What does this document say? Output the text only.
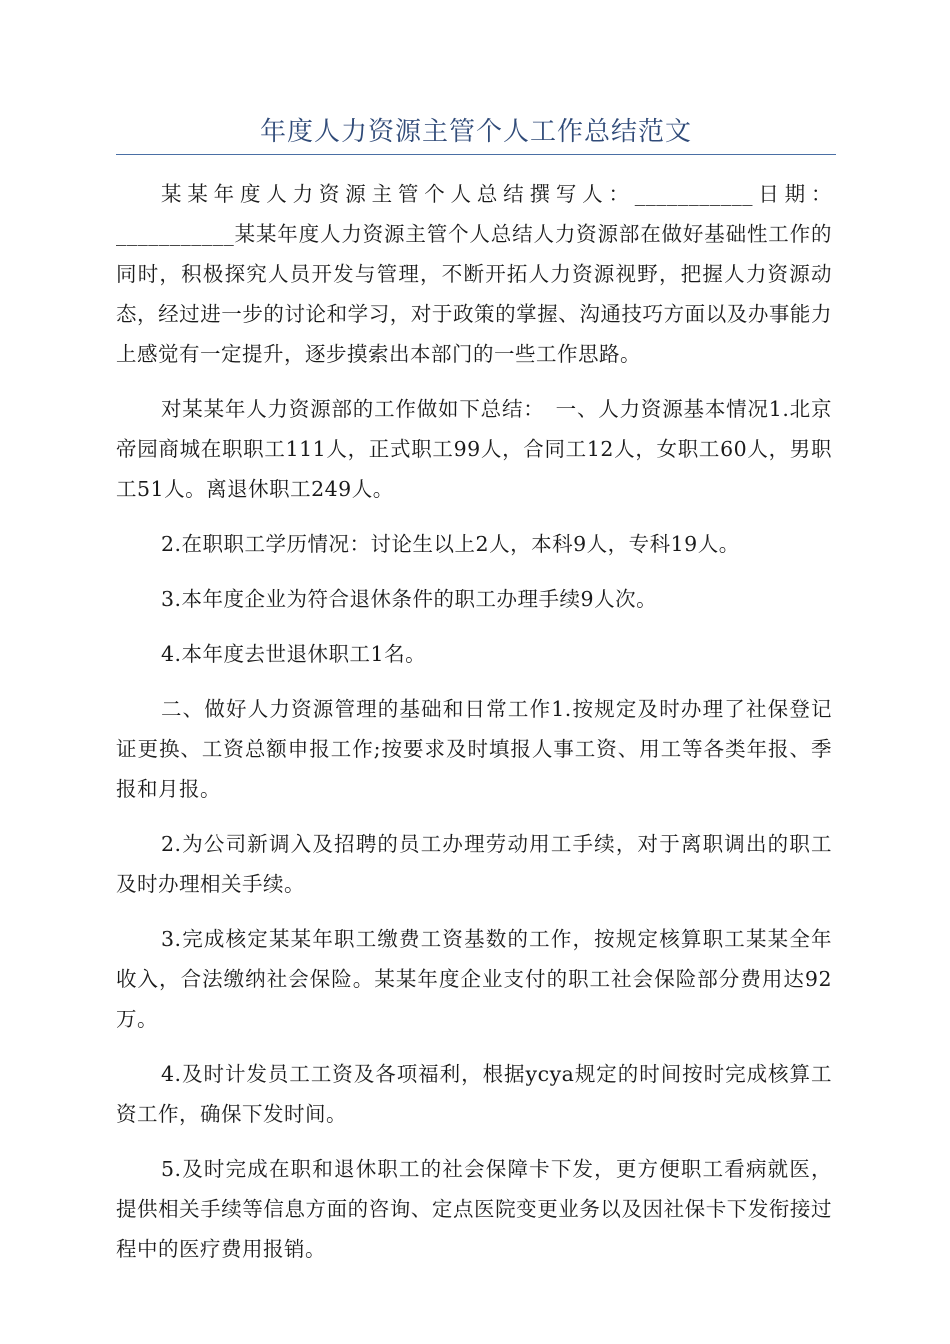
年度人力资源主管个人工作总结范文

某某年度人力资源主管个人总结撰写人：___________日期：___________某某年度人力资源主管个人总结人力资源部在做好基础性工作的同时，积极探究人员开发与管理，不断开拓人力资源视野，把握人力资源动态，经过进一步的讨论和学习，对于政策的掌握、沟通技巧方面以及办事能力上感觉有一定提升，逐步摸索出本部门的一些工作思路。

对某某年人力资源部的工作做如下总结：　一、人力资源基本情况1.北京帝园商城在职职工111人，正式职工99人，合同工12人，女职工60人，男职工51人。离退休职工249人。

2.在职职工学历情况：讨论生以上2人，本科9人，专科19人。

3.本年度企业为符合退休条件的职工办理手续9人次。

4.本年度去世退休职工1名。

二、做好人力资源管理的基础和日常工作1.按规定及时办理了社保登记证更换、工资总额申报工作;按要求及时填报人事工资、用工等各类年报、季报和月报。

2.为公司新调入及招聘的员工办理劳动用工手续，对于离职调出的职工及时办理相关手续。

3.完成核定某某年职工缴费工资基数的工作，按规定核算职工某某全年收入，合法缴纳社会保险。某某年度企业支付的职工社会保险部分费用达92万。

4.及时计发员工工资及各项福利，根据ycya规定的时间按时完成核算工资工作，确保下发时间。

5.及时完成在职和退休职工的社会保障卡下发，更方便职工看病就医，提供相关手续等信息方面的咨询、定点医院变更业务以及因社保卡下发衔接过程中的医疗费用报销。
